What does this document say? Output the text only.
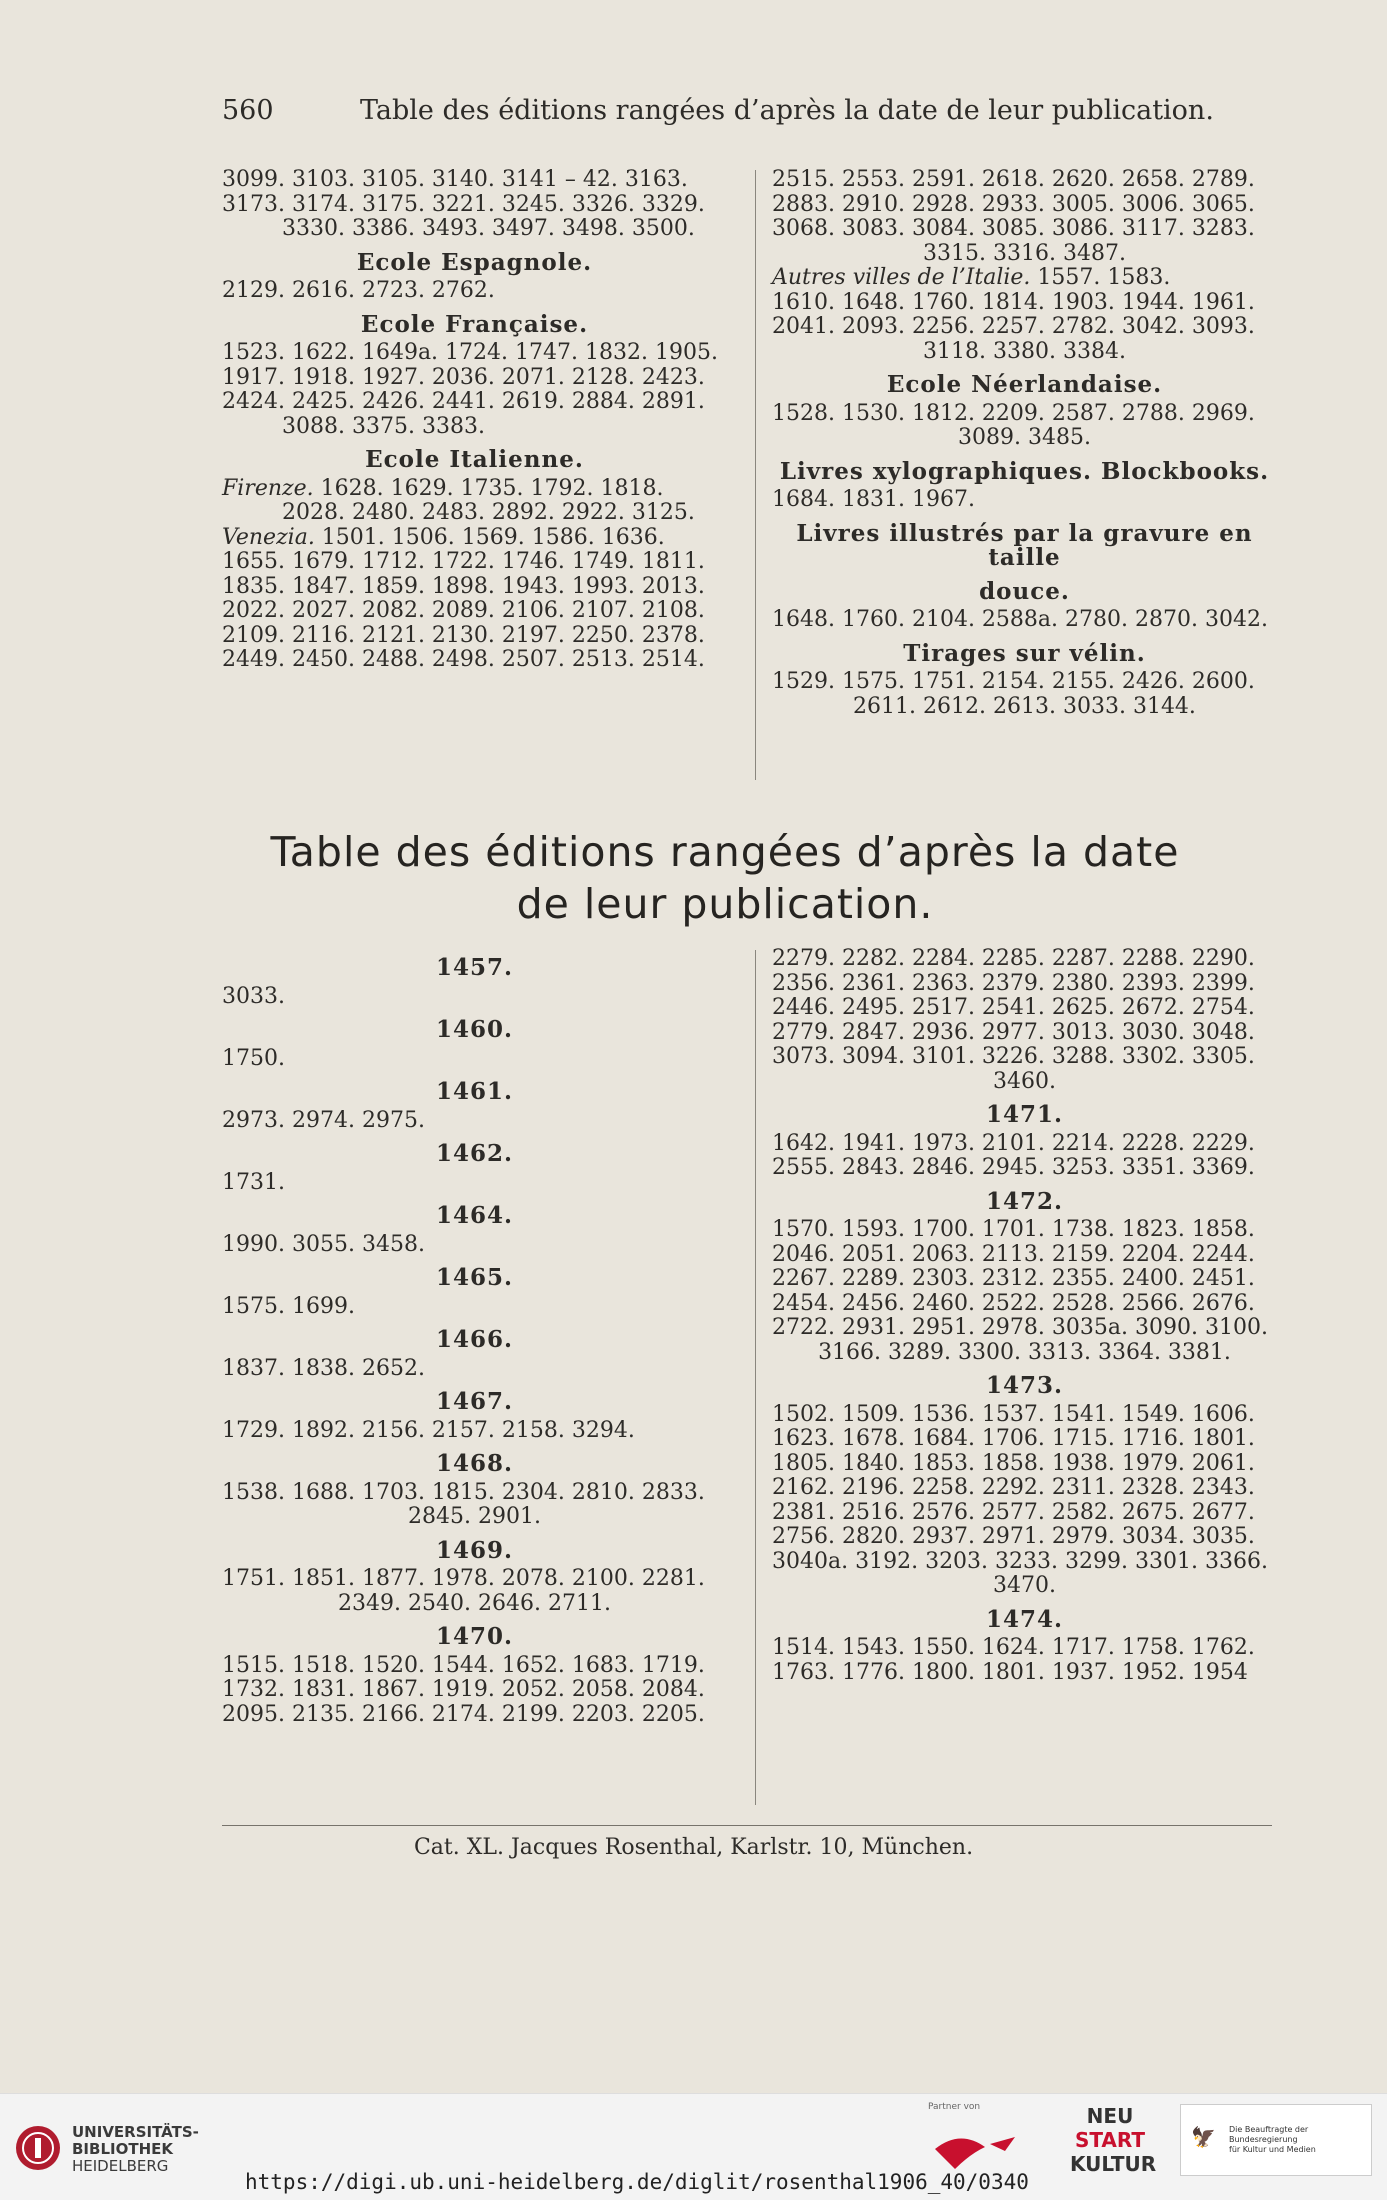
560	Table des éditions rangées d’après la date de leur publication.

3099. 3103. 3105. 3140. 3141 – 42. 3163.

3173. 3174. 3175. 3221. 3245. 3326. 3329.

3330. 3386. 3493. 3497. 3498. 3500.

Ecole Espagnole.

2129. 2616. 2723. 2762.

Ecole Française.

1523. 1622. 1649a. 1724. 1747. 1832. 1905.

1917. 1918. 1927. 2036. 2071. 2128. 2423.

2424. 2425. 2426. 2441. 2619. 2884. 2891.

3088. 3375. 3383.

Ecole Italienne.

Firenze. 1628. 1629. 1735. 1792. 1818.

2028. 2480. 2483. 2892. 2922. 3125.

Venezia. 1501. 1506. 1569. 1586. 1636.

1655. 1679. 1712. 1722. 1746. 1749. 1811.

1835. 1847. 1859. 1898. 1943. 1993. 2013.

2022. 2027. 2082. 2089. 2106. 2107. 2108.

2109. 2116. 2121. 2130. 2197. 2250. 2378.

2449. 2450. 2488. 2498. 2507. 2513. 2514.

2515. 2553. 2591. 2618. 2620. 2658. 2789.

2883. 2910. 2928. 2933. 3005. 3006. 3065.

3068. 3083. 3084. 3085. 3086. 3117. 3283.

3315. 3316. 3487.

Autres villes de l’Italie. 1557. 1583.

1610. 1648. 1760. 1814. 1903. 1944. 1961.

2041. 2093. 2256. 2257. 2782. 3042. 3093.

3118. 3380. 3384.

Ecole Néerlandaise.

1528. 1530. 1812. 2209. 2587. 2788. 2969.

3089. 3485.

Livres xylographiques. Blockbooks.

1684. 1831. 1967.

Livres illustrés par la gravure en taille

douce.

1648. 1760. 2104. 2588a. 2780. 2870. 3042.

Tirages sur vélin.

1529. 1575. 1751. 2154. 2155. 2426. 2600.

2611. 2612. 2613. 3033. 3144.

Table des éditions rangées d’après la date
de leur publication.

1457.

3033.

1460.

1750.

1461.

2973. 2974. 2975.

1462.

1731.

1464.

1990. 3055. 3458.

1465.

1575. 1699.

1466.

1837. 1838. 2652.

1467.

1729. 1892. 2156. 2157. 2158. 3294.

1468.

1538. 1688. 1703. 1815. 2304. 2810. 2833.

2845. 2901.

1469.

1751. 1851. 1877. 1978. 2078. 2100. 2281.

2349. 2540. 2646. 2711.

1470.

1515. 1518. 1520. 1544. 1652. 1683. 1719.

1732. 1831. 1867. 1919. 2052. 2058. 2084.

2095. 2135. 2166. 2174. 2199. 2203. 2205.

2279. 2282. 2284. 2285. 2287. 2288. 2290.

2356. 2361. 2363. 2379. 2380. 2393. 2399.

2446. 2495. 2517. 2541. 2625. 2672. 2754.

2779. 2847. 2936. 2977. 3013. 3030. 3048.

3073. 3094. 3101. 3226. 3288. 3302. 3305.

3460.

1471.

1642. 1941. 1973. 2101. 2214. 2228. 2229.

2555. 2843. 2846. 2945. 3253. 3351. 3369.

1472.

1570. 1593. 1700. 1701. 1738. 1823. 1858.

2046. 2051. 2063. 2113. 2159. 2204. 2244.

2267. 2289. 2303. 2312. 2355. 2400. 2451.

2454. 2456. 2460. 2522. 2528. 2566. 2676.

2722. 2931. 2951. 2978. 3035a. 3090. 3100.

3166. 3289. 3300. 3313. 3364. 3381.

1473.

1502. 1509. 1536. 1537. 1541. 1549. 1606.

1623. 1678. 1684. 1706. 1715. 1716. 1801.

1805. 1840. 1853. 1858. 1938. 1979. 2061.

2162. 2196. 2258. 2292. 2311. 2328. 2343.

2381. 2516. 2576. 2577. 2582. 2675. 2677.

2756. 2820. 2937. 2971. 2979. 3034. 3035.

3040a. 3192. 3203. 3233. 3299. 3301. 3366.

3470.

1474.

1514. 1543. 1550. 1624. 1717. 1758. 1762.

1763. 1776. 1800. 1801. 1937. 1952. 1954

Cat. XL. Jacques Rosenthal, Karlstr. 10, München.
UNIVERSITÄTS-
BIBLIOTHEK
HEIDELBERG
Partner von	NEU
START
KULTUR
🦅 Die Beauftragte der Bundesregierung
für Kultur und Medien
https://digi.ub.uni-heidelberg.de/diglit/rosenthal1906_40/0340
